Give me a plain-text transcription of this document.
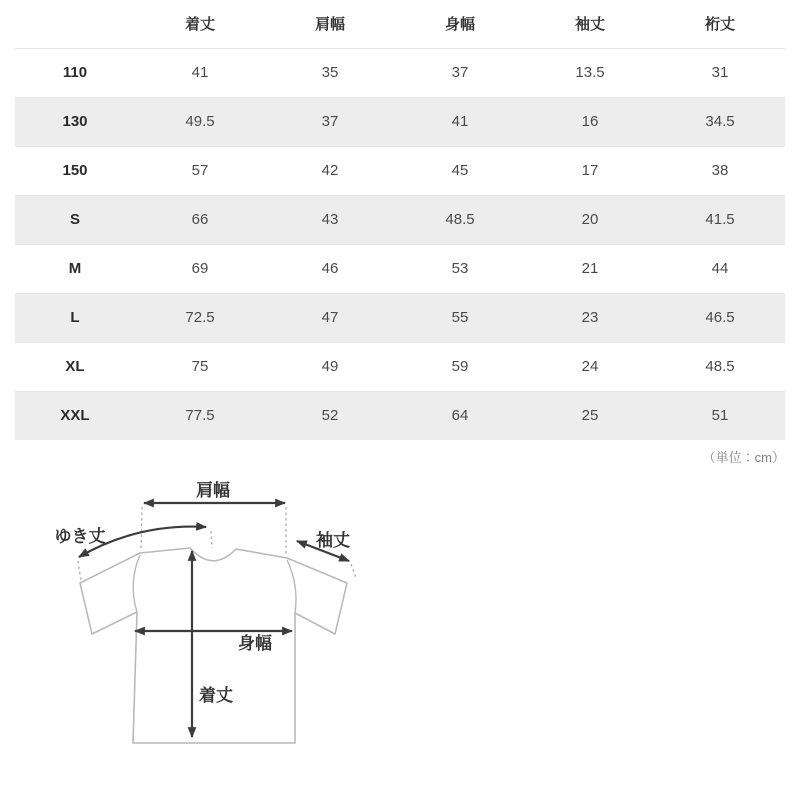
	着丈	肩幅	身幅	袖丈	裄丈
110	41	35	37	13.5	31
130	49.5	37	41	16	34.5
150	57	42	45	17	38
S	66	43	48.5	20	41.5
M	69	46	53	21	44
L	72.5	47	55	23	46.5
XL	75	49	59	24	48.5
XXL	77.5	52	64	25	51
（単位：cm）
肩幅
ゆき丈	袖丈
身幅
着丈
